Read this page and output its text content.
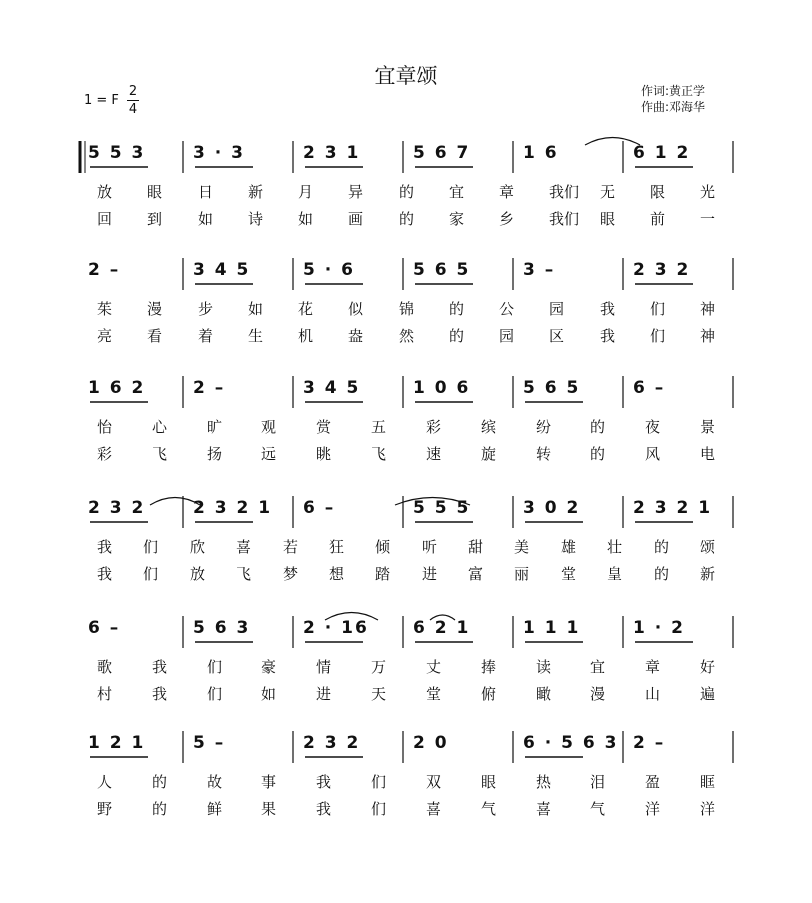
宜章颂
1 = F
2
4
作词:黄正学
作曲:邓海华
5 5 3	3 · 3	2 3 1	5 6 7	1 6	6 1 2
放 眼 日 新 月 异 的 宜 章 我们 无 限 光
回 到 如 诗 如 画 的 家 乡 我们 眼 前 一
2 –	3 4 5	5 · 6	5 6 5	3 –	2 3 2
茱 漫 步 如 花 似 锦 的 公 园 我 们 神
亮 看 着 生 机 盎 然 的 园 区 我 们 神
1 6 2	2 –	3 4 5	1 0 6	5 6 5	6 –
怡	心	旷	观	赏	五	彩	缤	纷	的	夜	景
彩	飞	扬	远	眺	飞	速	旋	转	的	风	电
2 3 2	2 3 2 1	6 –	5 5 5	3 0 2	2 3 2 1
我 们 欣 喜 若 狂 倾 听 甜 美 雄 壮 的 颂
我 们 放 飞 梦 想 踏 进 富 丽 堂 皇 的 新
6 –	5 6 3	2 · 16	6 2 1	1 1 1	1 · 2
歌	我	们	豪	情	万	丈	捧	读	宜	章	好
村	我	们	如	进	天	堂	俯	瞰	漫	山	遍
1 2 1	5 –	2 3 2	2 0	6 · 5 6 3 2 –
人	的	故	事	我	们	双	眼	热	泪	盈	眶
野	的	鲜	果	我	们	喜	气	喜	气	洋	洋
